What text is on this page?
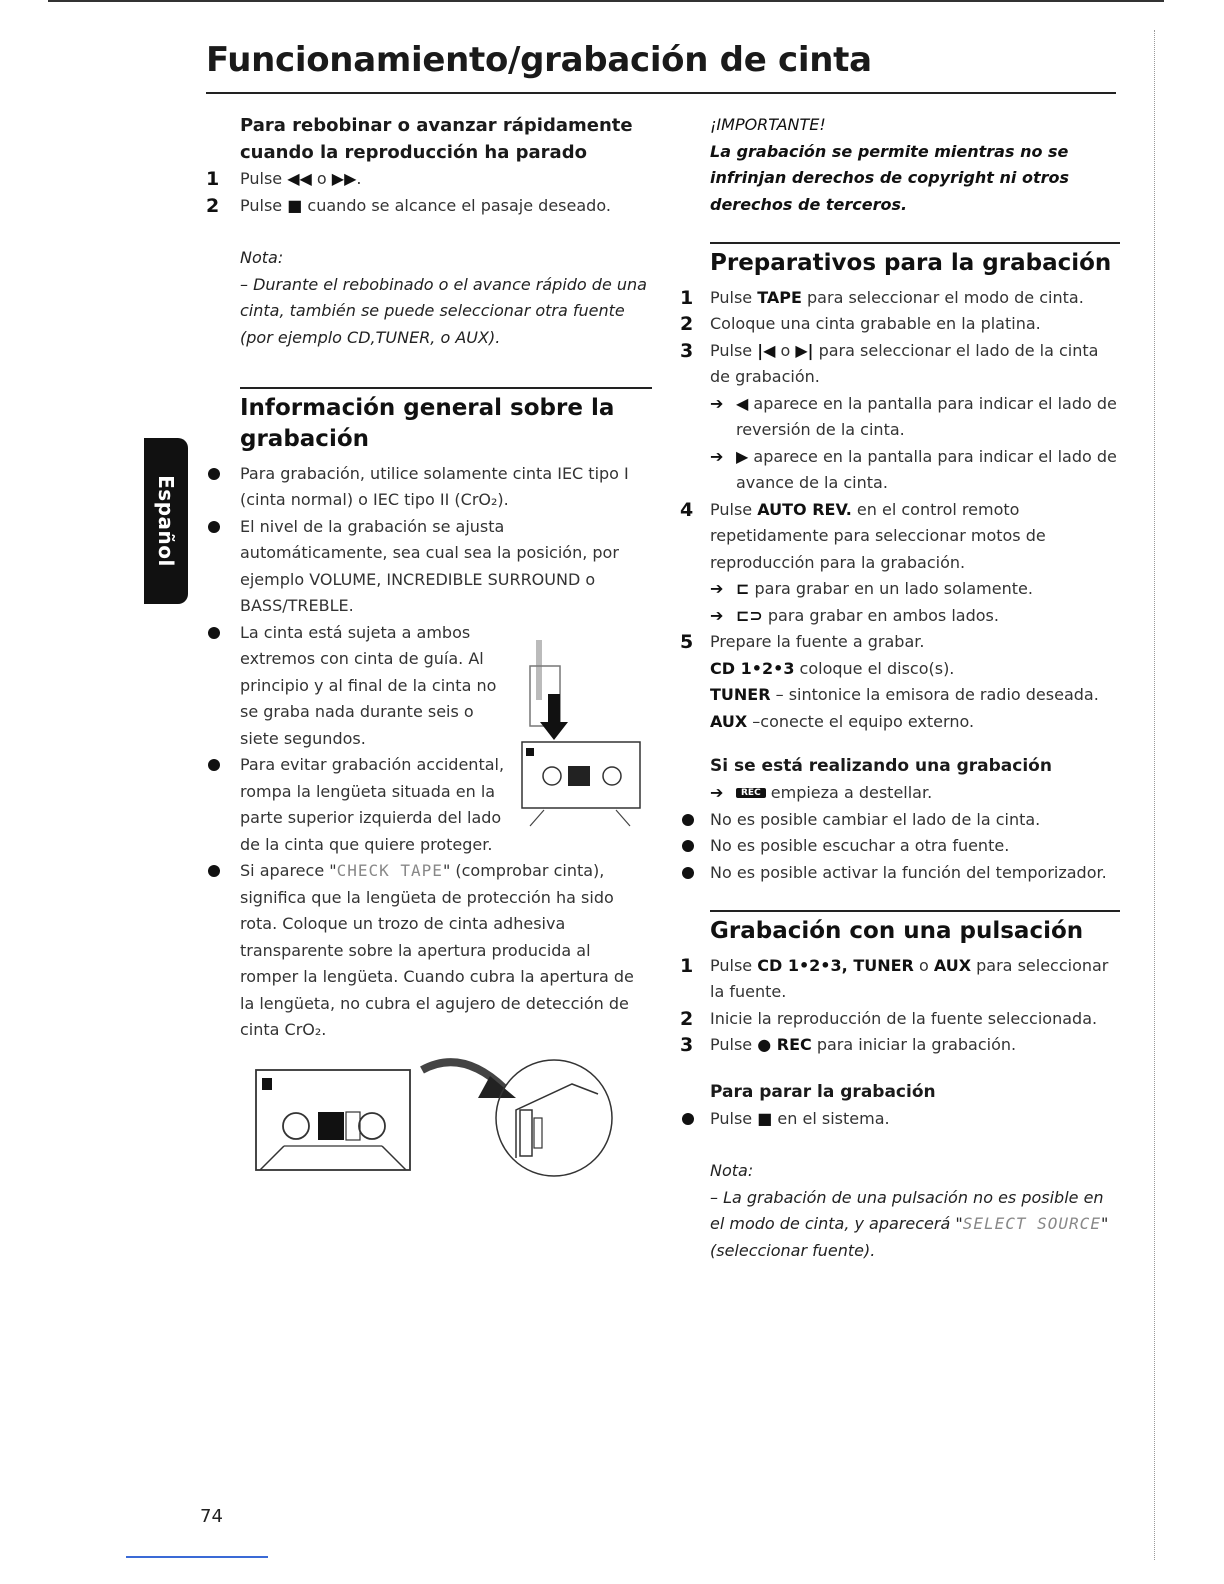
Funcionamiento/grabación de cinta
Español

Para rebobinar o avanzar rápidamente cuando la reproducción ha parado

1 Pulse ◀◀ o ▶▶.
2 Pulse ■ cuando se alcance el pasaje deseado.
Nota:
– Durante el rebobinado o el avance rápido de una cinta, también se puede seleccionar otra fuente (por ejemplo CD,TUNER, o AUX).
Información general sobre la grabación
Para grabación, utilice solamente cinta IEC tipo I (cinta normal) o IEC tipo II (CrO₂).
El nivel de la grabación se ajusta automáticamente, sea cual sea la posición, por ejemplo VOLUME, INCREDIBLE SURROUND o BASS/TREBLE.
La cinta está sujeta a ambos extremos con cinta de guía. Al principio y al final de la cinta no se graba nada durante seis o siete segundos.
Para evitar grabación accidental, rompa la lengüeta situada en la parte superior izquierda del lado de la cinta que quiere proteger.
Si aparece "CHECK TAPE" (comprobar cinta), significa que la lengüeta de protección ha sido rota. Coloque un trozo de cinta adhesiva transparente sobre la apertura producida al romper la lengüeta. Cuando cubra la apertura de la lengüeta, no cubra el agujero de detección de cinta CrO₂.
¡IMPORTANTE!
La grabación se permite mientras no se infrinjan derechos de copyright ni otros derechos de terceros.
Preparativos para la grabación
1 Pulse TAPE para seleccionar el modo de cinta.
2 Coloque una cinta grabable en la platina.
3 Pulse |◀ o ▶| para seleccionar el lado de la cinta de grabación.
➔ ◀ aparece en la pantalla para indicar el lado de reversión de la cinta.
➔ ▶ aparece en la pantalla para indicar el lado de avance de la cinta.
4 Pulse AUTO REV. en el control remoto repetidamente para seleccionar motos de reproducción para la grabación.
➔ ⊏ para grabar en un lado solamente.
➔ ⊏⊃ para grabar en ambos lados.
5 Prepare la fuente a grabar.
CD 1•2•3 coloque el disco(s).
TUNER – sintonice la emisora de radio deseada.
AUX –conecte el equipo externo.
Si se está realizando una grabación
➔ REC empieza a destellar.
No es posible cambiar el lado de la cinta.
No es posible escuchar a otra fuente.
No es posible activar la función del temporizador.
Grabación con una pulsación
1 Pulse CD 1•2•3, TUNER o AUX para seleccionar la fuente.
2 Inicie la reproducción de la fuente seleccionada.
3 Pulse ● REC para iniciar la grabación.
Para parar la grabación
Pulse ■ en el sistema.
Nota:
– La grabación de una pulsación no es posible en el modo de cinta, y aparecerá "SELECT SOURCE" (seleccionar fuente).
74
